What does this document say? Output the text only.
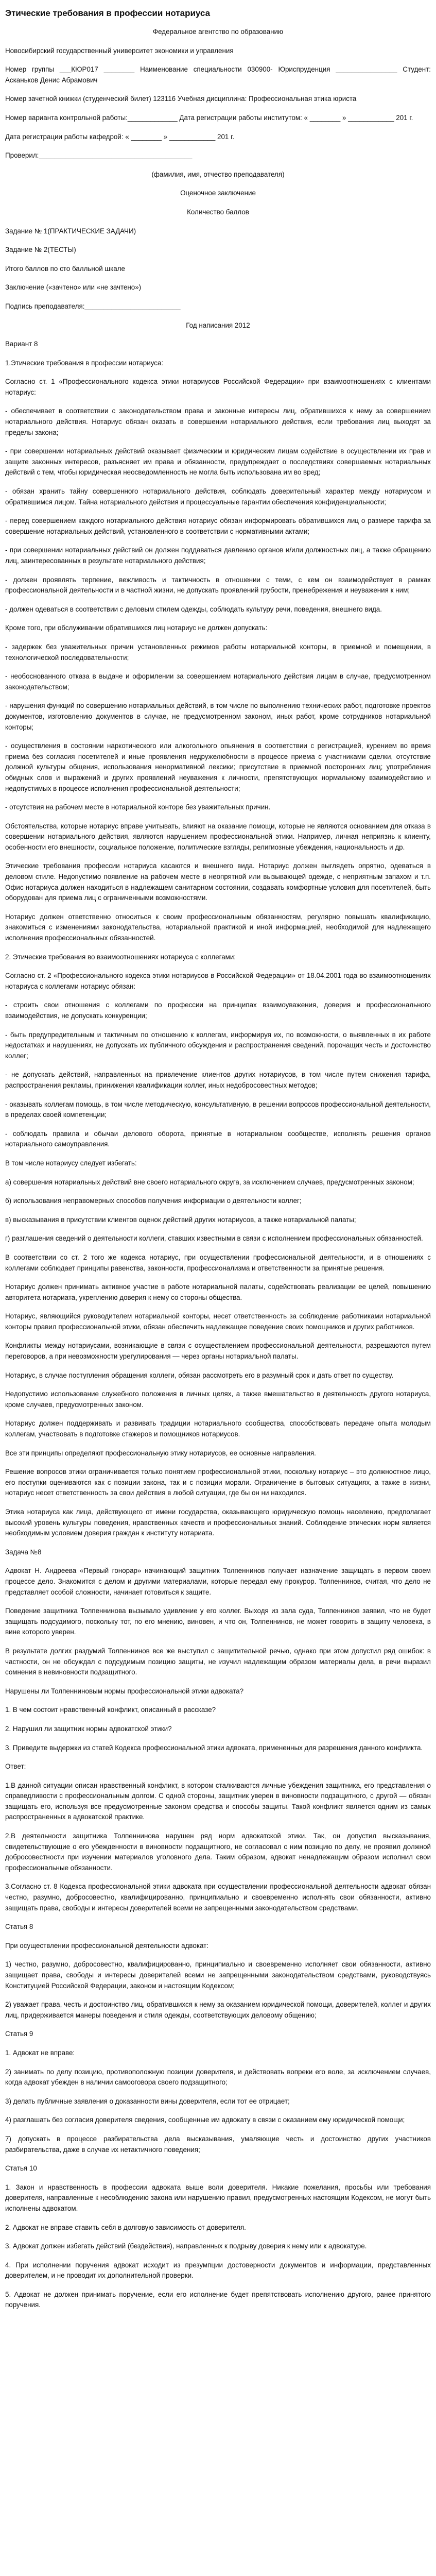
Этические требования в профессии нотариуса

Федеральное агентство по образованию

Новосибирский государственный университет экономики и управления

Номер группы ___КЮР017 ________ Наименование специальности 030900- Юриспруденция ________________ Студент: Асканьков Денис Абрамович

Номер зачетной книжки (студенческий билет) 123116 Учебная дисциплина: Профессиональная этика юриста

Номер варианта контрольной работы:_____________ Дата регистрации работы институтом: « ________ » ____________ 201 г.

Дата регистрации работы кафедрой: « ________ » ____________ 201 г.

Проверил:________________________________________

(фамилия, имя, отчество преподавателя)

Оценочное заключение

Количество баллов

Задание № 1(ПРАКТИЧЕСКИЕ ЗАДАЧИ)

Задание № 2(ТЕСТЫ)

Итого баллов по сто балльной шкале

Заключение («зачтено» или «не зачтено»)

Подпись преподавателя:_________________________

Год написания 2012

Вариант 8

1.Этические требования в профессии нотариуса:

Согласно ст. 1 «Профессионального кодекса этики нотариусов Российской Федерации» при взаимоотношениях с клиентами нотариус:

- обеспечивает в соответствии с законодательством права и законные интересы лиц, обратившихся к нему за совершением нотариального действия. Нотариус обязан оказать в совершении нотариального действия, если требования лиц выходят за пределы закона;

- при совершении нотариальных действий оказывает физическим и юридическим лицам содействие в осуществлении их прав и защите законных интересов, разъясняет им права и обязанности, предупреждает о последствиях совершаемых нотариальных действий с тем, чтобы юридическая неосведомленность не могла быть использована им во вред;

- обязан хранить тайну совершенного нотариального действия, соблюдать доверительный характер между нотариусом и обратившимся лицом. Тайна нотариального действия и процессуальные гарантии обеспечения конфиденциальности;

- перед совершением каждого нотариального действия нотариус обязан информировать обратившихся лиц о размере тарифа за совершение нотариальных действий, установленного в соответствии с нормативными актами;

- при совершении нотариальных действий он должен поддаваться давлению органов и/или должностных лиц, а также обращению лиц, заинтересованных в результате нотариального действия;

- должен проявлять терпение, вежливость и тактичность в отношении с теми, с кем он взаимодействует в рамках профессиональной деятельности и в частной жизни, не допускать проявлений грубости, пренебрежения и неуважения к ним;

- должен одеваться в соответствии с деловым стилем одежды, соблюдать культуру речи, поведения, внешнего вида.

Кроме того, при обслуживании обратившихся лиц нотариус не должен допускать:

- задержек без уважительных причин установленных режимов работы нотариальной конторы, в приемной и помещении, в технологической последовательности;

- необоснованного отказа в выдаче и оформлении за совершением нотариального действия лицам в случае, предусмотренном законодательством;

- нарушения функций по совершению нотариальных действий, в том числе по выполнению технических работ, подготовке проектов документов, изготовлению документов в случае, не предусмотренном законом, иных работ, кроме сотрудников нотариальной конторы;

- осуществления в состоянии наркотического или алкогольного опьянения в соответствии с регистрацией, курением во время приема без согласия посетителей и иные проявления недружелюбности в процессе приема с участниками сделки, отсутствие должной культуры общения, использования ненормативной лексики; присутствие в приемной посторонних лиц; употребления обидных слов и выражений и других проявлений неуважения к личности, препятствующих нормальному взаимодействию и недопустимых в процессе исполнения профессиональной деятельности;

- отсутствия на рабочем месте в нотариальной конторе без уважительных причин.

Обстоятельства, которые нотариус вправе учитывать, влияют на оказание помощи, которые не являются основанием для отказа в совершении нотариального действия, являются нарушением профессиональной этики. Например, личная неприязнь к клиенту, особенности его внешности, социальное положение, политические взгляды, религиозные убеждения, национальность и др.

Этические требования профессии нотариуса касаются и внешнего вида. Нотариус должен выглядеть опрятно, одеваться в деловом стиле. Недопустимо появление на рабочем месте в неопрятной или вызывающей одежде, с неприятным запахом и т.п. Офис нотариуса должен находиться в надлежащем санитарном состоянии, создавать комфортные условия для посетителей, быть оборудован для приема лиц с ограниченными возможностями.

Нотариус должен ответственно относиться к своим профессиональным обязанностям, регулярно повышать квалификацию, знакомиться с изменениями законодательства, нотариальной практикой и иной информацией, необходимой для надлежащего исполнения профессиональных обязанностей.

2. Этические требования во взаимоотношениях нотариуса с коллегами:

Согласно ст. 2 «Профессионального кодекса этики нотариусов в Российской Федерации» от 18.04.2001 года во взаимоотношениях нотариуса с коллегами нотариус обязан:

- строить свои отношения с коллегами по профессии на принципах взаимоуважения, доверия и профессионального взаимодействия, не допускать конкуренции;

- быть предупредительным и тактичным по отношению к коллегам, информируя их, по возможности, о выявленных в их работе недостатках и нарушениях, не допускать их публичного обсуждения и распространения сведений, порочащих честь и достоинство коллег;

- не допускать действий, направленных на привлечение клиентов других нотариусов, в том числе путем снижения тарифа, распространения рекламы, принижения квалификации коллег, иных недобросовестных методов;

- оказывать коллегам помощь, в том числе методическую, консультативную, в решении вопросов профессиональной деятельности, в пределах своей компетенции;

- соблюдать правила и обычаи делового оборота, принятые в нотариальном сообществе, исполнять решения органов нотариального самоуправления.

В том числе нотариусу следует избегать:

а) совершения нотариальных действий вне своего нотариального округа, за исключением случаев, предусмотренных законом;

б) использования неправомерных способов получения информации о деятельности коллег;

в) высказывания в присутствии клиентов оценок действий других нотариусов, а также нотариальной палаты;

г) разглашения сведений о деятельности коллеги, ставших известными в связи с исполнением профессиональных обязанностей.

В соответствии со ст. 2 того же кодекса нотариус, при осуществлении профессиональной деятельности, и в отношениях с коллегами соблюдает принципы равенства, законности, профессионализма и ответственности за принятые решения.

Нотариус должен принимать активное участие в работе нотариальной палаты, содействовать реализации ее целей, повышению авторитета нотариата, укреплению доверия к нему со стороны общества.

Нотариус, являющийся руководителем нотариальной конторы, несет ответственность за соблюдение работниками нотариальной конторы правил профессиональной этики, обязан обеспечить надлежащее поведение своих помощников и других работников.

Конфликты между нотариусами, возникающие в связи с осуществлением профессиональной деятельности, разрешаются путем переговоров, а при невозможности урегулирования — через органы нотариальной палаты.

Нотариус, в случае поступления обращения коллеги, обязан рассмотреть его в разумный срок и дать ответ по существу.

Недопустимо использование служебного положения в личных целях, а также вмешательство в деятельность другого нотариуса, кроме случаев, предусмотренных законом.

Нотариус должен поддерживать и развивать традиции нотариального сообщества, способствовать передаче опыта молодым коллегам, участвовать в подготовке стажеров и помощников нотариусов.

Все эти принципы определяют профессиональную этику нотариусов, ее основные направления.

Решение вопросов этики ограничивается только понятием профессиональной этики, поскольку нотариус – это должностное лицо, его поступки оцениваются как с позиции закона, так и с позиции морали. Ограничение в бытовых ситуациях, а также в жизни, нотариус несет ответственность за свои действия в любой ситуации, где бы он ни находился.

Этика нотариуса как лица, действующего от имени государства, оказывающего юридическую помощь населению, предполагает высокий уровень культуры поведения, нравственных качеств и профессиональных знаний. Соблюдение этических норм является необходимым условием доверия граждан к институту нотариата.

Задача №8

Адвокат Н. Андреева «Первый гонорар» начинающий защитник Толпеннинов получает назначение защищать в первом своем процессе дело. Знакомится с делом и другими материалами, которые передал ему прокурор. Толпеннинов, считая, что дело не представляет особой сложности, начинает готовиться к защите.

Поведение защитника Толпеннинова вызывало удивление у его коллег. Выходя из зала суда, Толпеннинов заявил, что не будет защищать подсудимого, поскольку тот, по его мнению, виновен, и что он, Толпеннинов, не может говорить в защиту человека, в вине которого уверен.

В результате долгих раздумий Толпеннинов все же выступил с защитительной речью, однако при этом допустил ряд ошибок: в частности, он не обсуждал с подсудимым позицию защиты, не изучил надлежащим образом материалы дела, в речи выразил сомнения в невиновности подзащитного.

Нарушены ли Толпенниновым нормы профессиональной этики адвоката?

1. В чем состоит нравственный конфликт, описанный в рассказе?

2. Нарушил ли защитник нормы адвокатской этики?

3. Приведите выдержки из статей Кодекса профессиональной этики адвоката, примененных для разрешения данного конфликта.

Ответ:

1.В данной ситуации описан нравственный конфликт, в котором сталкиваются личные убеждения защитника, его представления о справедливости с профессиональным долгом. С одной стороны, защитник уверен в виновности подзащитного, с другой — обязан защищать его, используя все предусмотренные законом средства и способы защиты. Такой конфликт является одним из самых распространенных в адвокатской практике.

2.В деятельности защитника Толпеннинова нарушен ряд норм адвокатской этики. Так, он допустил высказывания, свидетельствующие о его убежденности в виновности подзащитного, не согласовал с ним позицию по делу, не проявил должной добросовестности при изучении материалов уголовного дела. Таким образом, адвокат ненадлежащим образом исполнил свои профессиональные обязанности.

3.Согласно ст. 8 Кодекса профессиональной этики адвоката при осуществлении профессиональной деятельности адвокат обязан честно, разумно, добросовестно, квалифицированно, принципиально и своевременно исполнять свои обязанности, активно защищать права, свободы и интересы доверителей всеми не запрещенными законодательством средствами.

Статья 8

При осуществлении профессиональной деятельности адвокат:

1) честно, разумно, добросовестно, квалифицированно, принципиально и своевременно исполняет свои обязанности, активно защищает права, свободы и интересы доверителей всеми не запрещенными законодательством средствами, руководствуясь Конституцией Российской Федерации, законом и настоящим Кодексом;

2) уважает права, честь и достоинство лиц, обратившихся к нему за оказанием юридической помощи, доверителей, коллег и других лиц, придерживается манеры поведения и стиля одежды, соответствующих деловому общению;

Статья 9

1. Адвокат не вправе:

2) занимать по делу позицию, противоположную позиции доверителя, и действовать вопреки его воле, за исключением случаев, когда адвокат убежден в наличии самооговора своего подзащитного;

3) делать публичные заявления о доказанности вины доверителя, если тот ее отрицает;

4) разглашать без согласия доверителя сведения, сообщенные им адвокату в связи с оказанием ему юридической помощи;

7) допускать в процессе разбирательства дела высказывания, умаляющие честь и достоинство других участников разбирательства, даже в случае их нетактичного поведения;

Статья 10

1. Закон и нравственность в профессии адвоката выше воли доверителя. Никакие пожелания, просьбы или требования доверителя, направленные к несоблюдению закона или нарушению правил, предусмотренных настоящим Кодексом, не могут быть исполнены адвокатом.

2. Адвокат не вправе ставить себя в долговую зависимость от доверителя.

3. Адвокат должен избегать действий (бездействия), направленных к подрыву доверия к нему или к адвокатуре.

4. При исполнении поручения адвокат исходит из презумпции достоверности документов и информации, представленных доверителем, и не проводит их дополнительной проверки.

5. Адвокат не должен принимать поручение, если его исполнение будет препятствовать исполнению другого, ранее принятого поручения.
